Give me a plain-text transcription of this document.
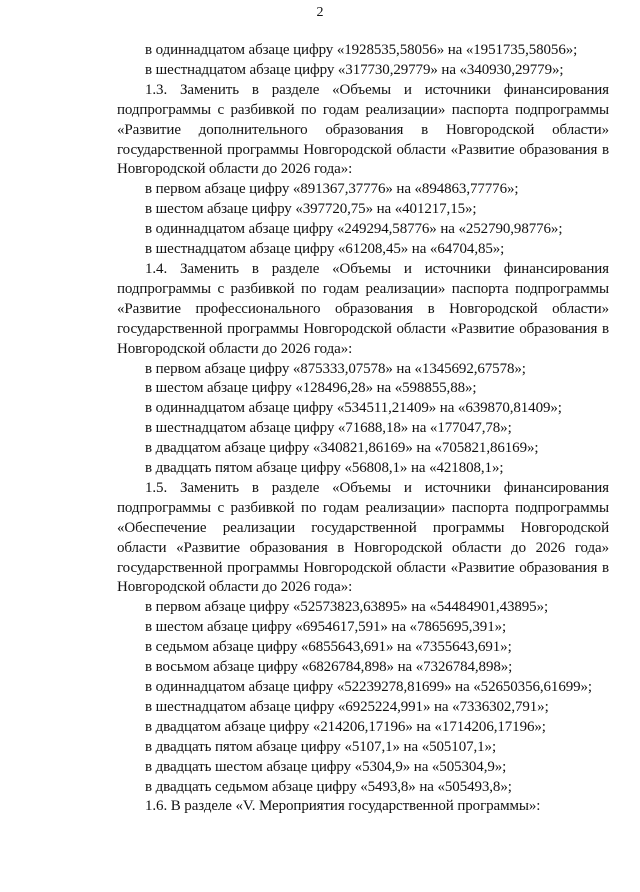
2
в одиннадцатом абзаце цифру «1928535,58056» на «1951735,58056»;
в шестнадцатом абзаце цифру «317730,29779» на «340930,29779»;
1.3. Заменить в разделе «Объемы и источники финансирования
подпрограммы с разбивкой по годам реализации» паспорта подпрограммы
«Развитие дополнительного образования в Новгородской области»
государственной программы Новгородской области «Развитие образования в
Новгородской области до 2026 года»:
в первом абзаце цифру «891367,37776» на «894863,77776»;
в шестом абзаце цифру «397720,75» на «401217,15»;
в одиннадцатом абзаце цифру «249294,58776» на «252790,98776»;
в шестнадцатом абзаце цифру «61208,45» на «64704,85»;
1.4. Заменить в разделе «Объемы и источники финансирования
подпрограммы с разбивкой по годам реализации» паспорта подпрограммы
«Развитие профессионального образования в Новгородской области»
государственной программы Новгородской области «Развитие образования в
Новгородской области до 2026 года»:
в первом абзаце цифру «875333,07578» на «1345692,67578»;
в шестом абзаце цифру «128496,28» на «598855,88»;
в одиннадцатом абзаце цифру «534511,21409» на «639870,81409»;
в шестнадцатом абзаце цифру «71688,18» на «177047,78»;
в двадцатом абзаце цифру «340821,86169» на «705821,86169»;
в двадцать пятом абзаце цифру «56808,1» на «421808,1»;
1.5. Заменить в разделе «Объемы и источники финансирования
подпрограммы с разбивкой по годам реализации» паспорта подпрограммы
«Обеспечение реализации государственной программы Новгородской
области «Развитие образования в Новгородской области до 2026 года»
государственной программы Новгородской области «Развитие образования в
Новгородской области до 2026 года»:
в первом абзаце цифру «52573823,63895» на «54484901,43895»;
в шестом абзаце цифру «6954617,591» на «7865695,391»;
в седьмом абзаце цифру «6855643,691» на «7355643,691»;
в восьмом абзаце цифру «6826784,898» на «7326784,898»;
в одиннадцатом абзаце цифру «52239278,81699» на «52650356,61699»;
в шестнадцатом абзаце цифру «6925224,991» на «7336302,791»;
в двадцатом абзаце цифру «214206,17196» на «1714206,17196»;
в двадцать пятом абзаце цифру «5107,1» на «505107,1»;
в двадцать шестом абзаце цифру «5304,9» на «505304,9»;
в двадцать седьмом абзаце цифру «5493,8» на «505493,8»;
1.6. В разделе «V. Мероприятия государственной программы»:
